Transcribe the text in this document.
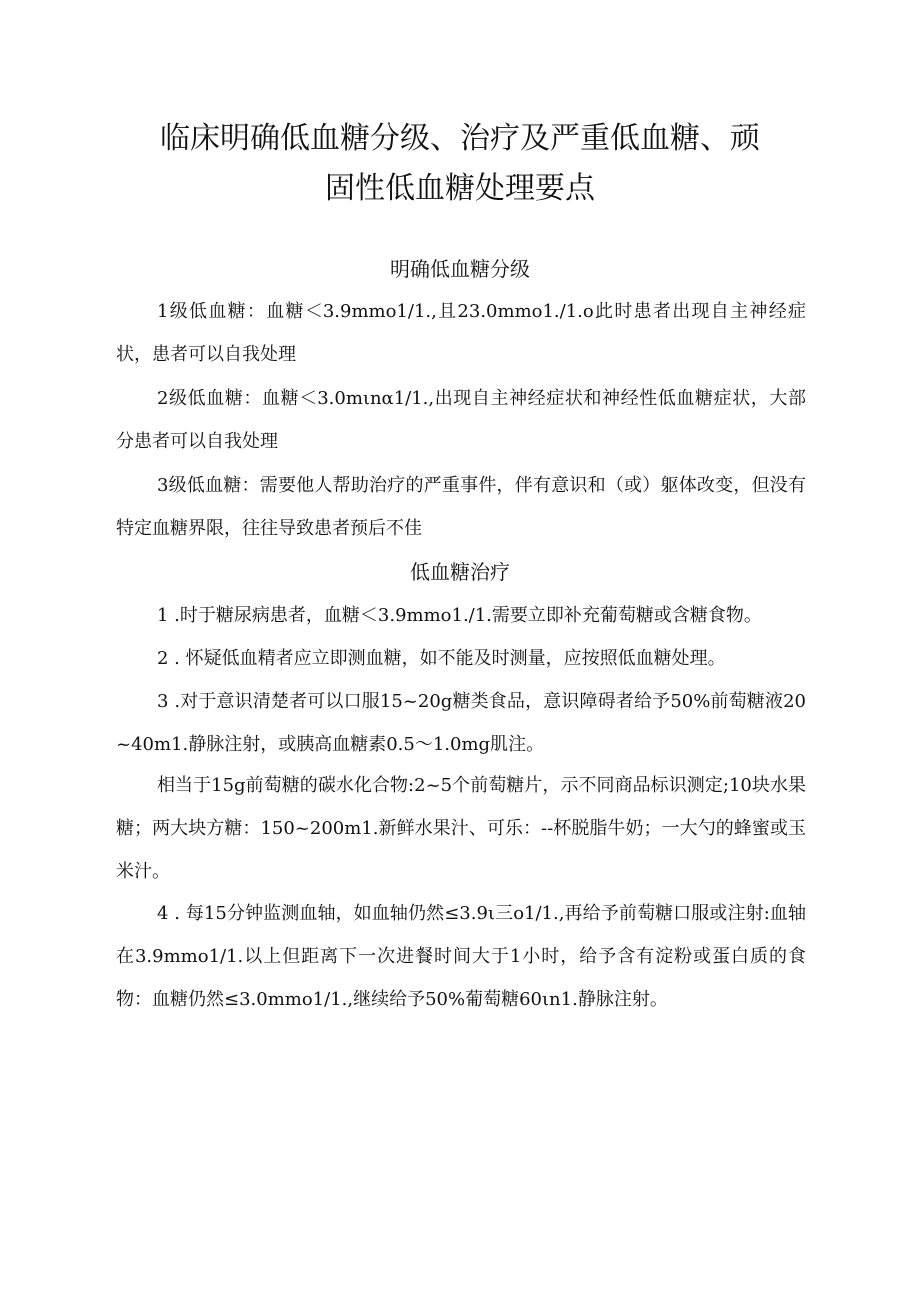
临床明确低血糖分级、治疗及严重低血糖、顽
固性低血糖处理要点
明确低血糖分级

1级低血糖：血糖＜3.9mmo1/1.,且23.0mmo1./1.o此时患者出现自主神经症状，患者可以自我处理

2级低血糖：血糖＜3.0mιnα1/1.,出现自主神经症状和神经性低血糖症状，大部分患者可以自我处理

3级低血糖：需要他人帮助治疗的严重事件，伴有意识和（或）躯体改变，但没有特定血糖界限，往往导致患者预后不佳

低血糖治疗

1 .时于糖尿病患者，血糖＜3.9mmo1./1.需要立即补充葡萄糖或含糖食物。

2 . 怀疑低血精者应立即测血糖，如不能及时测量，应按照低血糖处理。

3 .对于意识清楚者可以口服15~20g糖类食品，意识障碍者给予50%前萄糖液20~40m1.静脉注射，或胰高血糖素0.5～1.0mg肌注。

相当于15g前萄糖的碳水化合物:2~5个前萄糖片，示不同商品标识测定;10块水果糖；两大块方糖：150~200m1.新鲜水果汁、可乐：--杯脱脂牛奶；一大勺的蜂蜜或玉米汁。

4 . 每15分钟监测血轴，如血轴仍然≤3.9ι三o1/1.,再给予前萄糖口服或注射:血轴在3.9mmo1/1.以上但距离下一次进餐时间大于1小时，给予含有淀粉或蛋白质的食物：血糖仍然≤3.0mmo1/1.,继续给予50%葡萄糖60ιn1.静脉注射。
